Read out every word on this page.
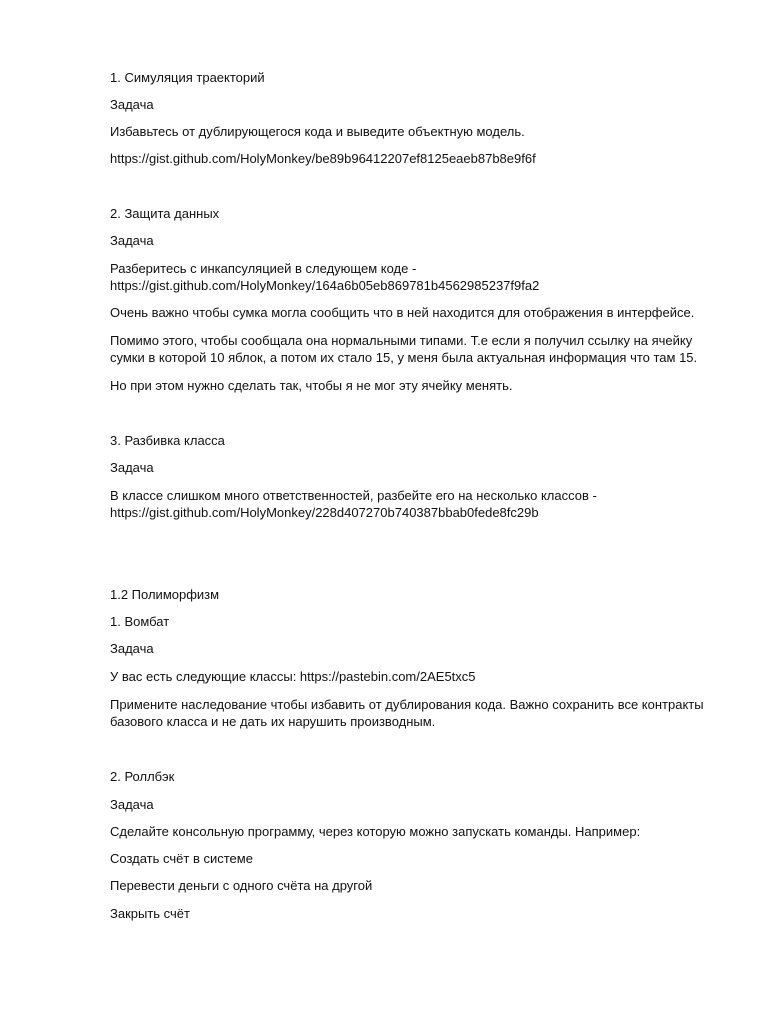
1. Симуляция траекторий
Задача
Избавьтесь от дублирующегося кода и выведите объектную модель.
https://gist.github.com/HolyMonkey/be89b96412207ef8125eaeb87b8e9f6f
2. Защита данных
Задача
Разберитесь с инкапсуляцией в следующем коде -
https://gist.github.com/HolyMonkey/164a6b05eb869781b4562985237f9fa2
Очень важно чтобы сумка могла сообщить что в ней находится для отображения в интерфейсе.
Помимо этого, чтобы сообщала она нормальными типами. Т.е если я получил ссылку на ячейку
сумки в которой 10 яблок, а потом их стало 15, у меня была актуальная информация что там 15.
Но при этом нужно сделать так, чтобы я не мог эту ячейку менять.
3. Разбивка класса
Задача
В классе слишком много ответственностей, разбейте его на несколько классов -
https://gist.github.com/HolyMonkey/228d407270b740387bbab0fede8fc29b
1.2 Полиморфизм
1. Вомбат
Задача
У вас есть следующие классы: https://pastebin.com/2AE5txc5
Примените наследование чтобы избавить от дублирования кода. Важно сохранить все контракты
базового класса и не дать их нарушить производным.
2. Роллбэк
Задача
Сделайте консольную программу, через которую можно запускать команды. Например:
Создать счёт в системе
Перевести деньги с одного счёта на другой
Закрыть счёт
